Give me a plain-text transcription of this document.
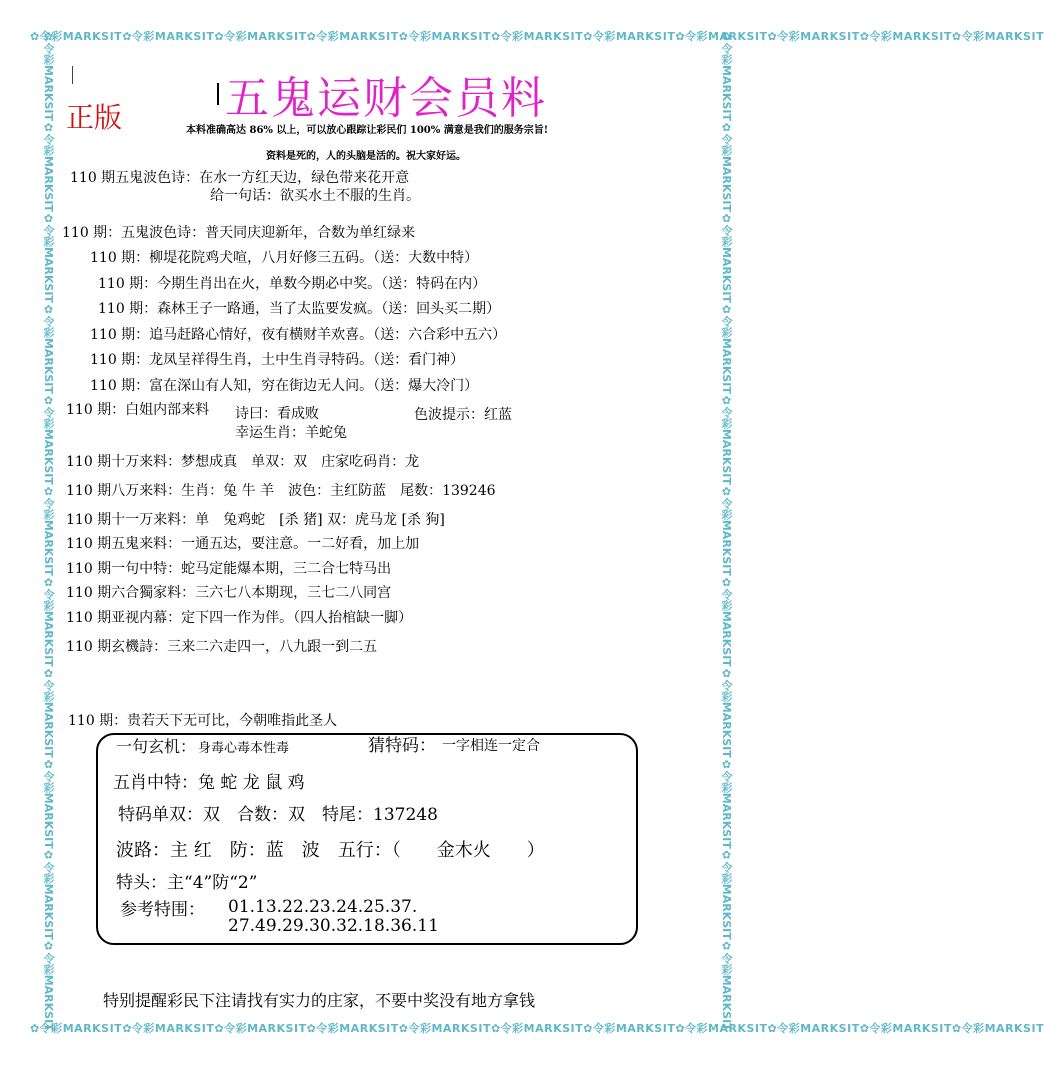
✿令彩MARKSIT✿令彩MARKSIT✿令彩MARKSIT✿令彩MARKSIT✿令彩MARKSIT✿令彩MARKSIT✿令彩MARKSIT✿令彩MARKSIT✿令彩MARKSIT✿令彩MARKSIT✿令彩MARKSIT
✿令彩MARKSIT✿令彩MARKSIT✿令彩MARKSIT✿令彩MARKSIT✿令彩MARKSIT✿令彩MARKSIT✿令彩MARKSIT✿令彩MARKSIT✿令彩MARKSIT✿令彩MARKSIT✿令彩MARKSIT
✿令彩MARKSIT✿令彩MARKSIT✿令彩MARKSIT✿令彩MARKSIT✿令彩MARKSIT✿令彩MARKSIT✿令彩MARKSIT✿令彩MARKSIT✿令彩MARKSIT✿令彩MARKSIT✿令彩MARKSIT	✿令彩MARKSIT✿令彩MARKSIT✿令彩MARKSIT✿令彩MARKSIT✿令彩MARKSIT✿令彩MARKSIT✿令彩MARKSIT✿令彩MARKSIT✿令彩MARKSIT✿令彩MARKSIT✿令彩MARKSIT
五鬼运财会员料
正版	本料准确高达 86% 以上，可以放心跟踪让彩民们 100% 满意是我们的服务宗旨!
资料是死的，人的头脑是活的。祝大家好运。
110 期五鬼波色诗：在水一方红天边，绿色带来花开意
给一句话：欲买水土不服的生肖。
110 期：五鬼波色诗：普天同庆迎新年，合数为单红绿来
110 期：柳堤花院鸡犬喧，八月好修三五码。（送：大数中特）
110 期：今期生肖出在火，单数今期必中奖。（送：特码在内）
110 期：森林王子一路通，当了太监要发疯。（送：回头买二期）
110 期：追马赶路心情好，夜有横财羊欢喜。（送：六合彩中五六）
110 期：龙凤呈祥得生肖，土中生肖寻特码。（送：看门神）
110 期：富在深山有人知，穷在街边无人问。（送：爆大冷门）
110 期：白姐内部来料 诗曰：看成败	色波提示：红蓝
幸运生肖：羊蛇兔
110 期十万来料：梦想成真　单双：双　庄家吃码肖：龙
110 期八万来料：生肖：兔 牛 羊　波色：主红防蓝　尾数：139246
110 期十一万来料：单　兔鸡蛇　[杀 猪] 双：虎马龙 [杀 狗]
110 期五鬼来料：一通五达，要注意。一二好看，加上加
110 期一句中特：蛇马定能爆本期，三二合七特马出
110 期六合獨家料：三六七八本期现，三七二八同宫
110 期亚视内幕：定下四一作为伴。（四人抬棺缺一脚）
110 期玄機詩：三来二六走四一，八九跟一到二五
110 期：贵若天下无可比，今朝唯指此圣人
一句玄机： 身毒心毒本性毒	猜特码： 一字相连一定合
五肖中特：兔 蛇 龙 鼠 鸡
特码单双：双　合数：双　特尾：137248
波路：主 红　防：蓝　波　五行：（　　金木火　　）
特头：主“4”防“2”
参考特围： 01.13.22.23.24.25.37.
27.49.29.30.32.18.36.11
特别提醒彩民下注请找有实力的庄家，不要中奖没有地方拿钱
